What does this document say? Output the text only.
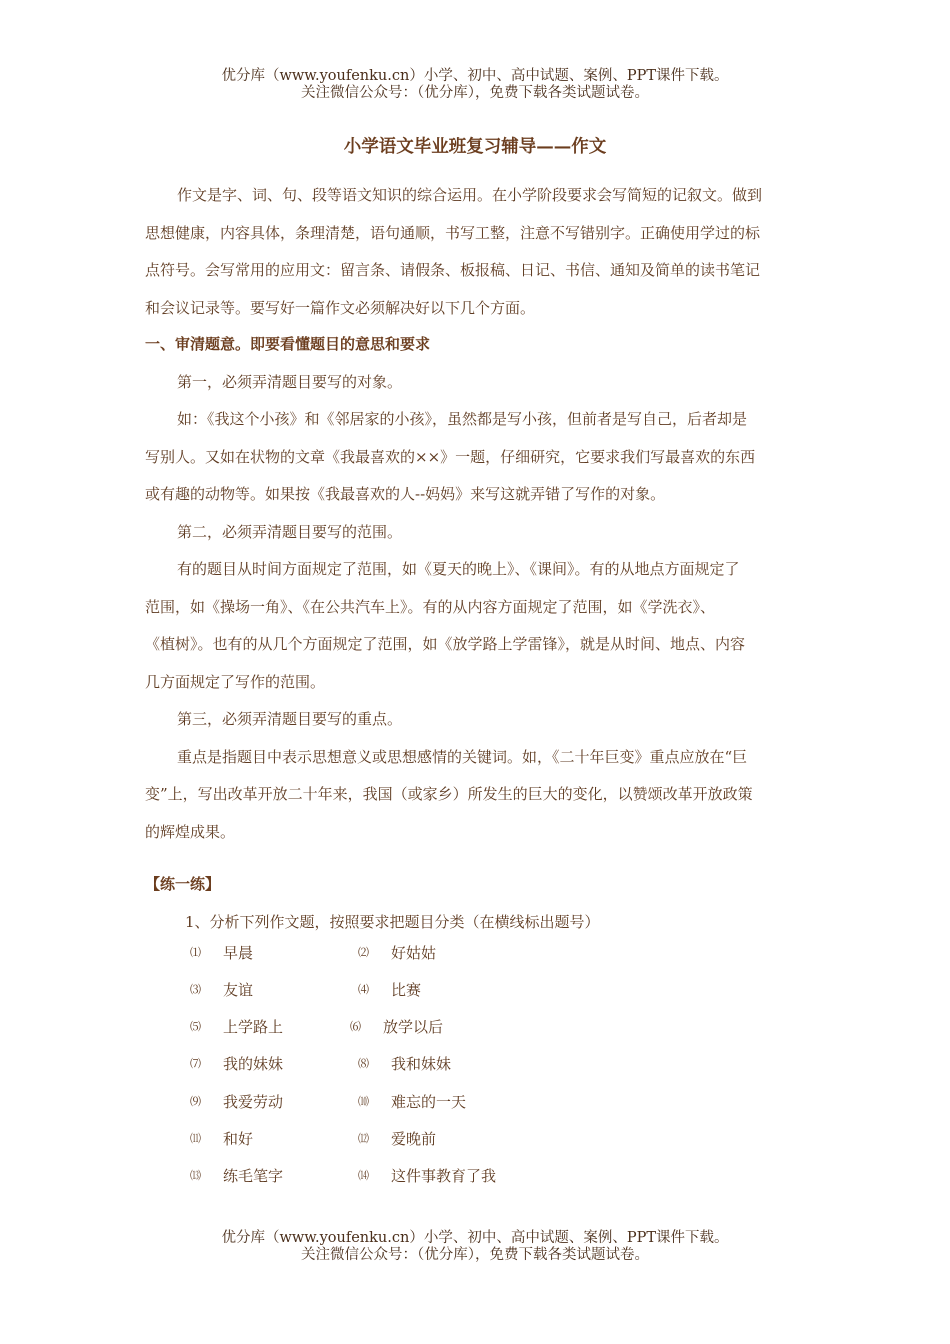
优分库（www.youfenku.cn）小学、初中、高中试题、案例、PPT课件下载。
关注微信公众号：（优分库），免费下载各类试题试卷。
小学语文毕业班复习辅导——作文
作文是字、词、句、段等语文知识的综合运用。在小学阶段要求会写简短的记叙文。做到
思想健康，内容具体，条理清楚，语句通顺，书写工整，注意不写错别字。正确使用学过的标
点符号。会写常用的应用文：留言条、请假条、板报稿、日记、书信、通知及简单的读书笔记
和会议记录等。要写好一篇作文必须解决好以下几个方面。
一、审清题意。即要看懂题目的意思和要求
第一，必须弄清题目要写的对象。
如：《我这个小孩》和《邻居家的小孩》，虽然都是写小孩，但前者是写自己，后者却是
写别人。又如在状物的文章《我最喜欢的××》一题，仔细研究，它要求我们写最喜欢的东西
或有趣的动物等。如果按《我最喜欢的人--妈妈》来写这就弄错了写作的对象。
第二，必须弄清题目要写的范围。
有的题目从时间方面规定了范围，如《夏天的晚上》、《课间》。有的从地点方面规定了
范围，如《操场一角》、《在公共汽车上》。有的从内容方面规定了范围，如《学洗衣》、
《植树》。也有的从几个方面规定了范围，如《放学路上学雷锋》，就是从时间、地点、内容
几方面规定了写作的范围。
第三，必须弄清题目要写的重点。
重点是指题目中表示思想意义或思想感情的关键词。如，《二十年巨变》重点应放在“巨
变”上，写出改革开放二十年来，我国（或家乡）所发生的巨大的变化，以赞颂改革开放政策
的辉煌成果。
【练一练】
1、分析下列作文题，按照要求把题目分类（在横线标出题号）
⑴ 早晨	⑵ 好姑姑
⑶ 友谊	⑷ 比赛
⑸ 上学路上	⑹ 放学以后
⑺ 我的妹妹	⑻ 我和妹妹
⑼ 我爱劳动	⑽ 难忘的一天
⑾ 和好	⑿ 爱晚前
⒀ 练毛笔字	⒁ 这件事教育了我
优分库（www.youfenku.cn）小学、初中、高中试题、案例、PPT课件下载。
关注微信公众号：（优分库），免费下载各类试题试卷。
